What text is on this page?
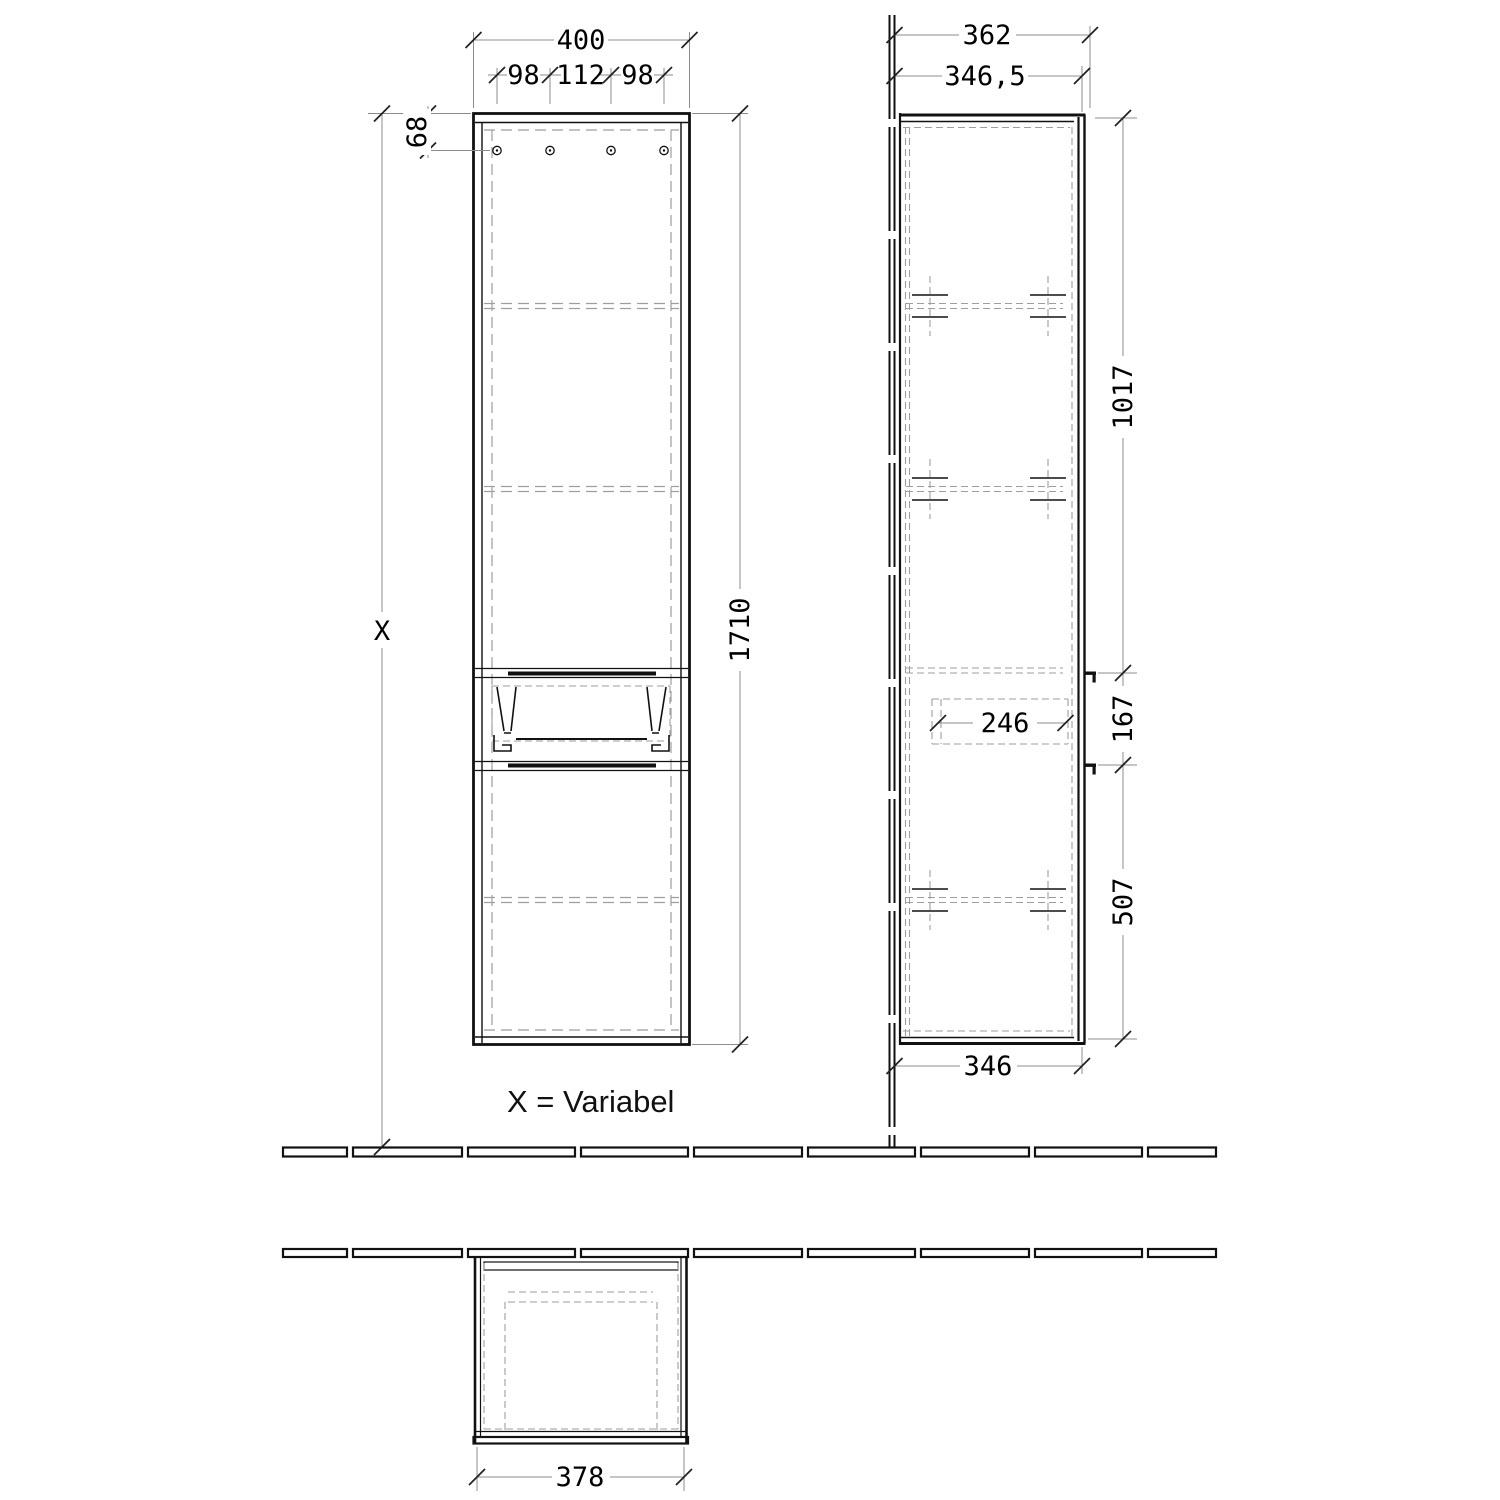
400
98 112 98
68
X	1710
X = Variabel
362
346,5
1017
167
507
246
346
378
